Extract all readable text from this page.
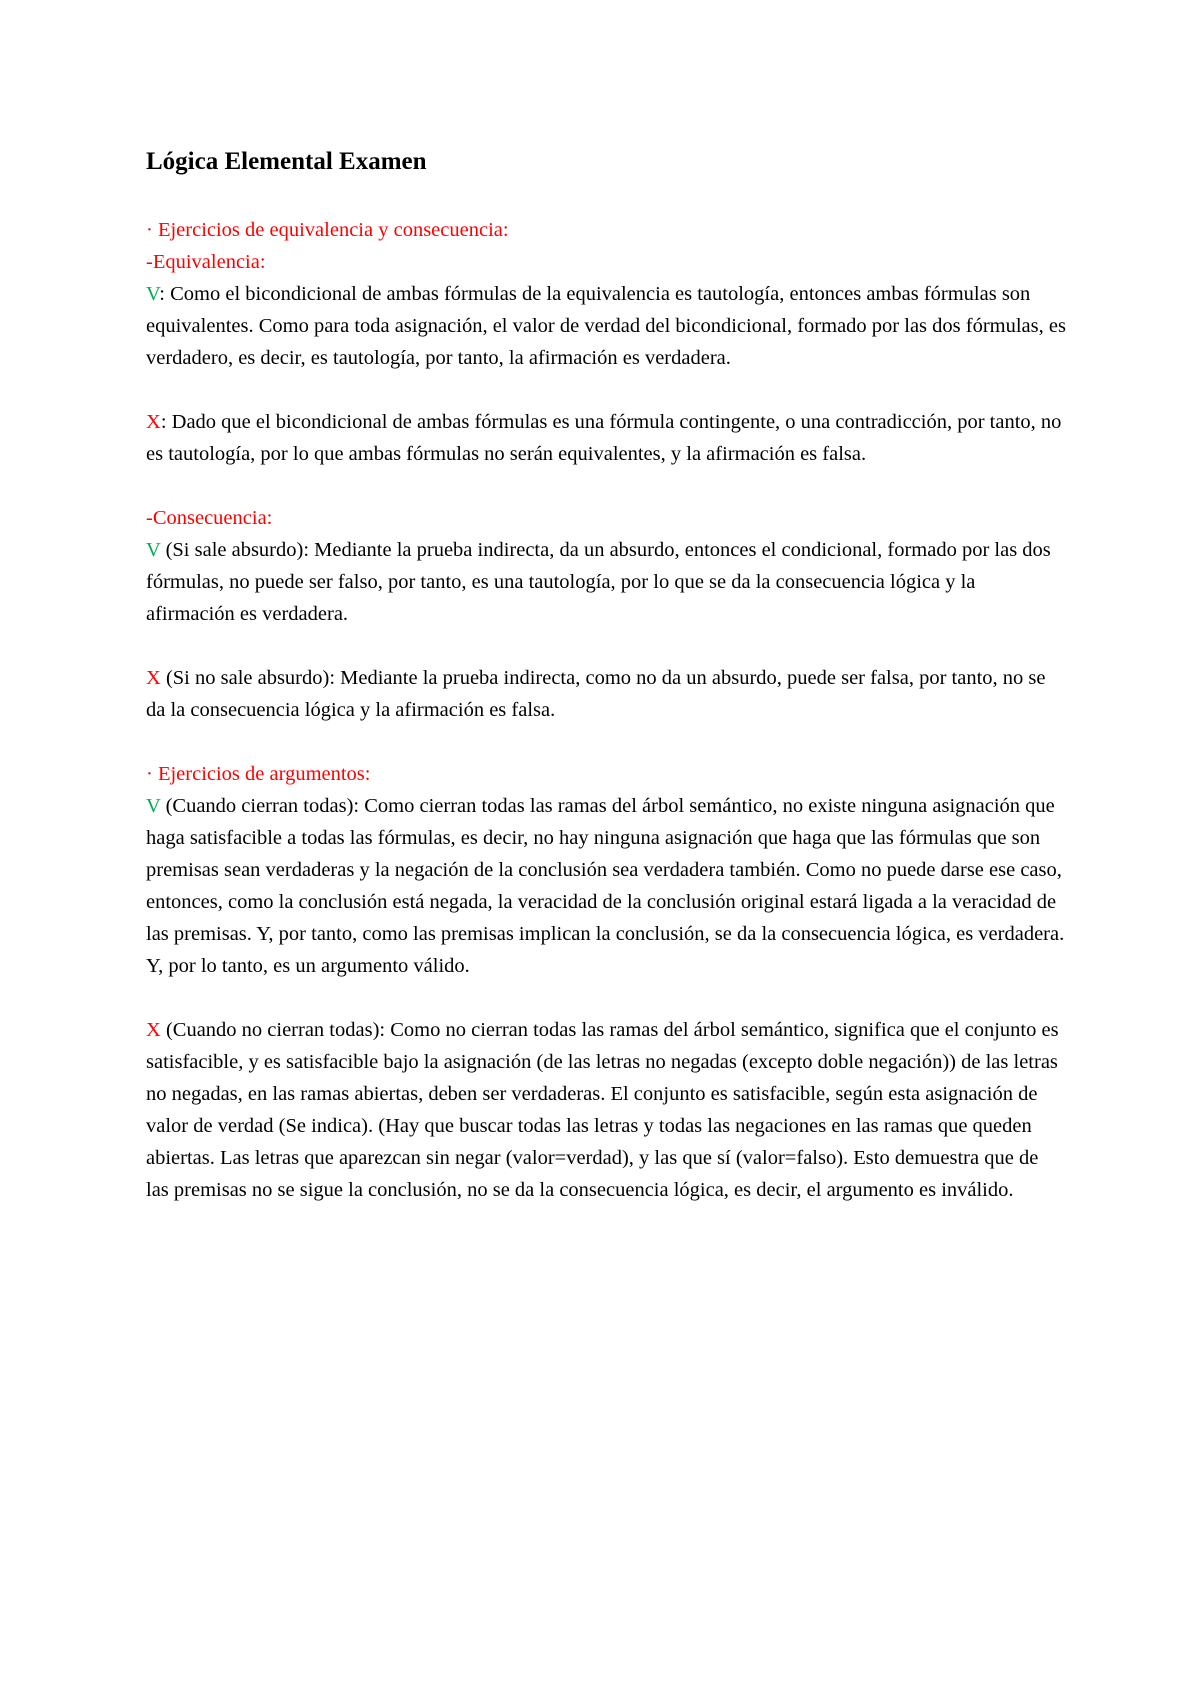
Lógica Elemental Examen

· Ejercicios de equivalencia y consecuencia:

-Equivalencia:

V: Como el bicondicional de ambas fórmulas de la equivalencia es tautología, entonces ambas fórmulas son equivalentes. Como para toda asignación, el valor de verdad del bicondicional, formado por las dos fórmulas, es verdadero, es decir, es tautología, por tanto, la afirmación es verdadera.

X: Dado que el bicondicional de ambas fórmulas es una fórmula contingente, o una contradicción, por tanto, no es tautología, por lo que ambas fórmulas no serán equivalentes, y la afirmación es falsa.

-Consecuencia:

V (Si sale absurdo): Mediante la prueba indirecta, da un absurdo, entonces el condicional, formado por las dos fórmulas, no puede ser falso, por tanto, es una tautología, por lo que se da la consecuencia lógica y la afirmación es verdadera.

X (Si no sale absurdo): Mediante la prueba indirecta, como no da un absurdo, puede ser falsa, por tanto, no se da la consecuencia lógica y la afirmación es falsa.

· Ejercicios de argumentos:

V (Cuando cierran todas): Como cierran todas las ramas del árbol semántico, no existe ninguna asignación que haga satisfacible a todas las fórmulas, es decir, no hay ninguna asignación que haga que las fórmulas que son premisas sean verdaderas y la negación de la conclusión sea verdadera también. Como no puede darse ese caso, entonces, como la conclusión está negada, la veracidad de la conclusión original estará ligada a la veracidad de las premisas. Y, por tanto, como las premisas implican la conclusión, se da la consecuencia lógica, es verdadera. Y, por lo tanto, es un argumento válido.

X (Cuando no cierran todas): Como no cierran todas las ramas del árbol semántico, significa que el conjunto es satisfacible, y es satisfacible bajo la asignación (de las letras no negadas (excepto doble negación)) de las letras no negadas, en las ramas abiertas, deben ser verdaderas. El conjunto es satisfacible, según esta asignación de valor de verdad (Se indica). (Hay que buscar todas las letras y todas las negaciones en las ramas que queden abiertas. Las letras que aparezcan sin negar (valor=verdad), y las que sí (valor=falso). Esto demuestra que de las premisas no se sigue la conclusión, no se da la consecuencia lógica, es decir, el argumento es inválido.
